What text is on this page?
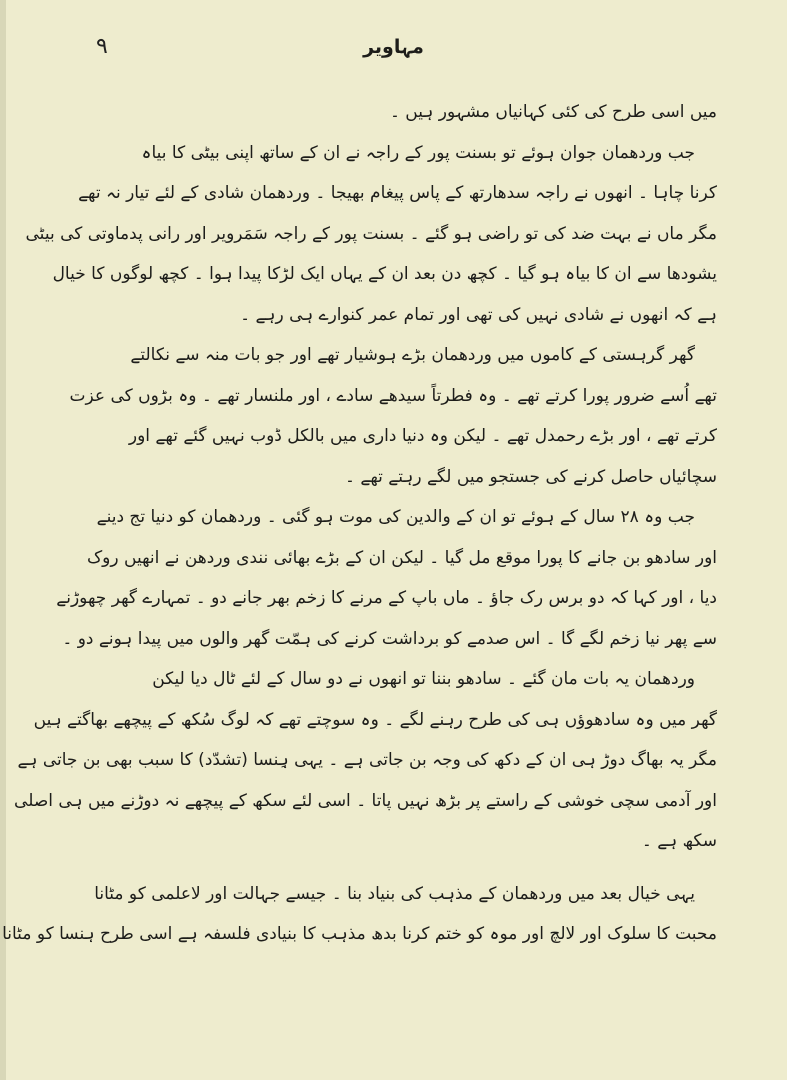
۹	مہاویر

میں اسی طرح کی کئی کہانیاں مشہور ہیں ۔

جب وردھمان جوان ہوئے تو بسنت پور کے راجہ نے ان کے ساتھ اپنی بیٹی کا بیاہ
کرنا چاہا ۔ انھوں نے راجہ سدھارتھ کے پاس پیغام بھیجا ۔ وردھمان شادی کے لئے تیار نہ تھے
مگر ماں نے بہت ضد کی تو راضی ہو گئے ۔ بسنت پور کے راجہ سَمَرویر اور رانی پدماوتی کی بیٹی
یشودھا سے ان کا بیاہ ہو گیا ۔ کچھ دن بعد ان کے یہاں ایک لڑکا پیدا ہوا ۔ کچھ لوگوں کا خیال
ہے کہ انھوں نے شادی نہیں کی تھی اور تمام عمر کنوارے ہی رہے ۔

گھر گرہستی کے کاموں میں وردھمان بڑے ہوشیار تھے اور جو بات منہ سے نکالتے
تھے اُسے ضرور پورا کرتے تھے ۔ وہ فطرتاً سیدھے سادے ، اور ملنسار تھے ۔ وہ بڑوں کی عزت
کرتے تھے ، اور بڑے رحمدل تھے ۔ لیکن وہ دنیا داری میں بالکل ڈوب نہیں گئے تھے اور
سچائیاں حاصل کرنے کی جستجو میں لگے رہتے تھے ۔

جب وہ ۲۸ سال کے ہوئے تو ان کے والدین کی موت ہو گئی ۔ وردھمان کو دنیا تج دینے
اور سادھو بن جانے کا پورا موقع مل گیا ۔ لیکن ان کے بڑے بھائی نندی وردھن نے انھیں روک
دیا ، اور کہا کہ دو برس رک جاؤ ۔ ماں باپ کے مرنے کا زخم بھر جانے دو ۔ تمہارے گھر چھوڑنے
سے پھر نیا زخم لگے گا ۔ اس صدمے کو برداشت کرنے کی ہمّت گھر والوں میں پیدا ہونے دو ۔
وردھمان یہ بات مان گئے ۔ سادھو بننا تو انھوں نے دو سال کے لئے ٹال دیا لیکن
گھر میں وہ سادھوؤں ہی کی طرح رہنے لگے ۔ وہ سوچتے تھے کہ لوگ سُکھ کے پیچھے بھاگتے ہیں
مگر یہ بھاگ دوڑ ہی ان کے دکھ کی وجہ بن جاتی ہے ۔ یہی ہِنسا (تشدّد) کا سبب بھی بن جاتی ہے
اور آدمی سچی خوشی کے راستے پر بڑھ نہیں پاتا ۔ اسی لئے سکھ کے پیچھے نہ دوڑنے میں ہی اصلی
سکھ ہے ۔

یہی خیال بعد میں وردھمان کے مذہب کی بنیاد بنا ۔ جیسے جہالت اور لاعلمی کو مٹانا
محبت کا سلوک اور لالچ اور موہ کو ختم کرنا بدھ مذہب کا بنیادی فلسفہ ہے اسی طرح ہنسا کو مٹانا
